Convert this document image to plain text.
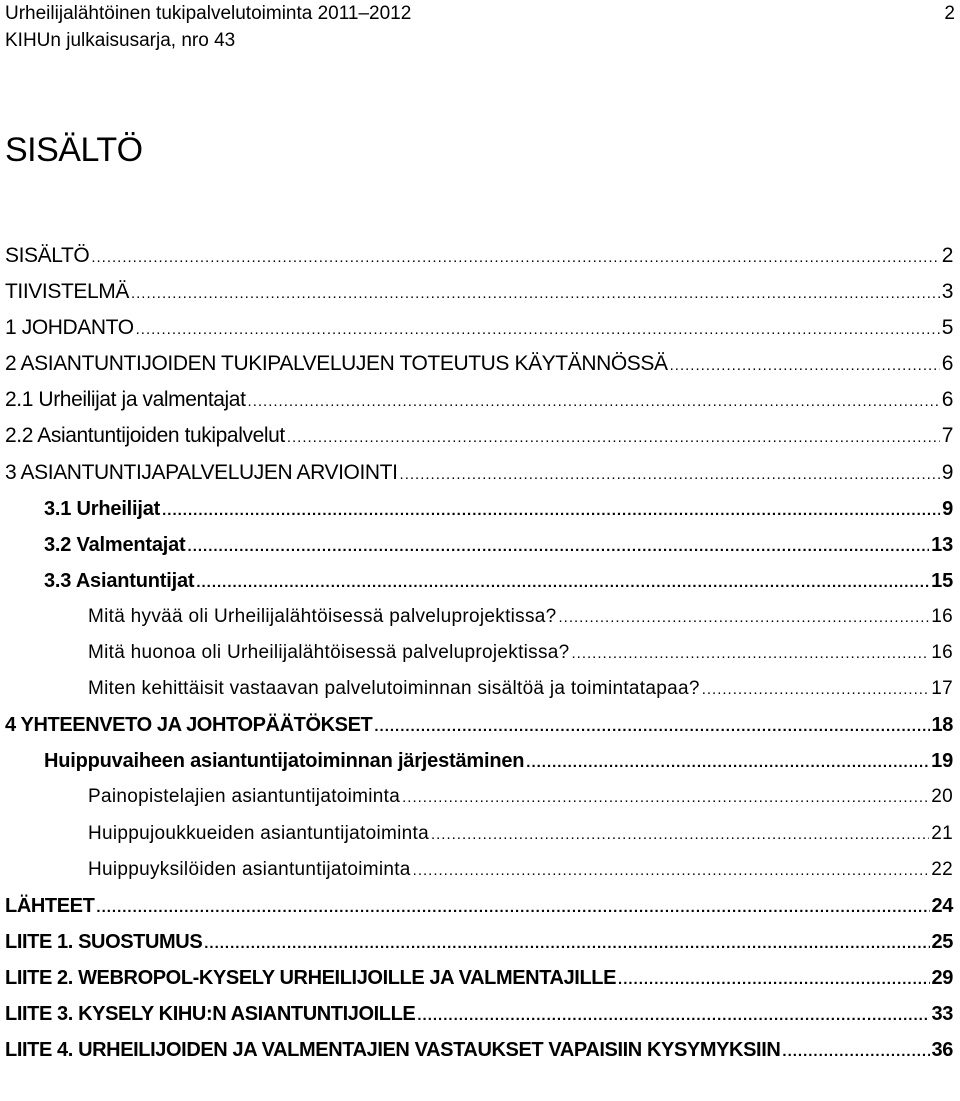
Urheilijalähtöinen tukipalvelutoiminta 2011–2012	2
KIHUn julkaisusarja, nro 43
SISÄLTÖ
SISÄLTÖ .....	2
TIIVISTELMÄ .....	3
1 JOHDANTO .....	5
2 ASIANTUNTIJOIDEN TUKIPALVELUJEN TOTEUTUS KÄYTÄNNÖSSÄ .....	6
2.1 Urheilijat ja valmentajat .....	6
2.2 Asiantuntijoiden tukipalvelut .....	7
3 ASIANTUNTIJAPALVELUJEN ARVIOINTI .....	9
3.1 Urheilijat .....	9
3.2 Valmentajat .....	13
3.3 Asiantuntijat .....	15
Mitä hyvää oli Urheilijalähtöisessä palveluprojektissa? .....	16
Mitä huonoa oli Urheilijalähtöisessä palveluprojektissa? .....	16
Miten kehittäisit vastaavan palvelutoiminnan sisältöä ja toimintatapaa? .....	17
4 YHTEENVETO JA JOHTOPÄÄTÖKSET .....	18
Huippuvaiheen asiantuntijatoiminnan järjestäminen .....	19
Painopistelajien asiantuntijatoiminta .....	20
Huippujoukkueiden asiantuntijatoiminta .....	21
Huippuyksilöiden asiantuntijatoiminta .....	22
LÄHTEET .....	24
LIITE 1. SUOSTUMUS .....	25
LIITE 2. WEBROPOL-KYSELY URHEILIJOILLE JA VALMENTAJILLE .....	29
LIITE 3. KYSELY KIHU:N ASIANTUNTIJOILLE .....	33
LIITE 4. URHEILIJOIDEN JA VALMENTAJIEN VASTAUKSET VAPAISIIN KYSYMYKSIIN .....	36
